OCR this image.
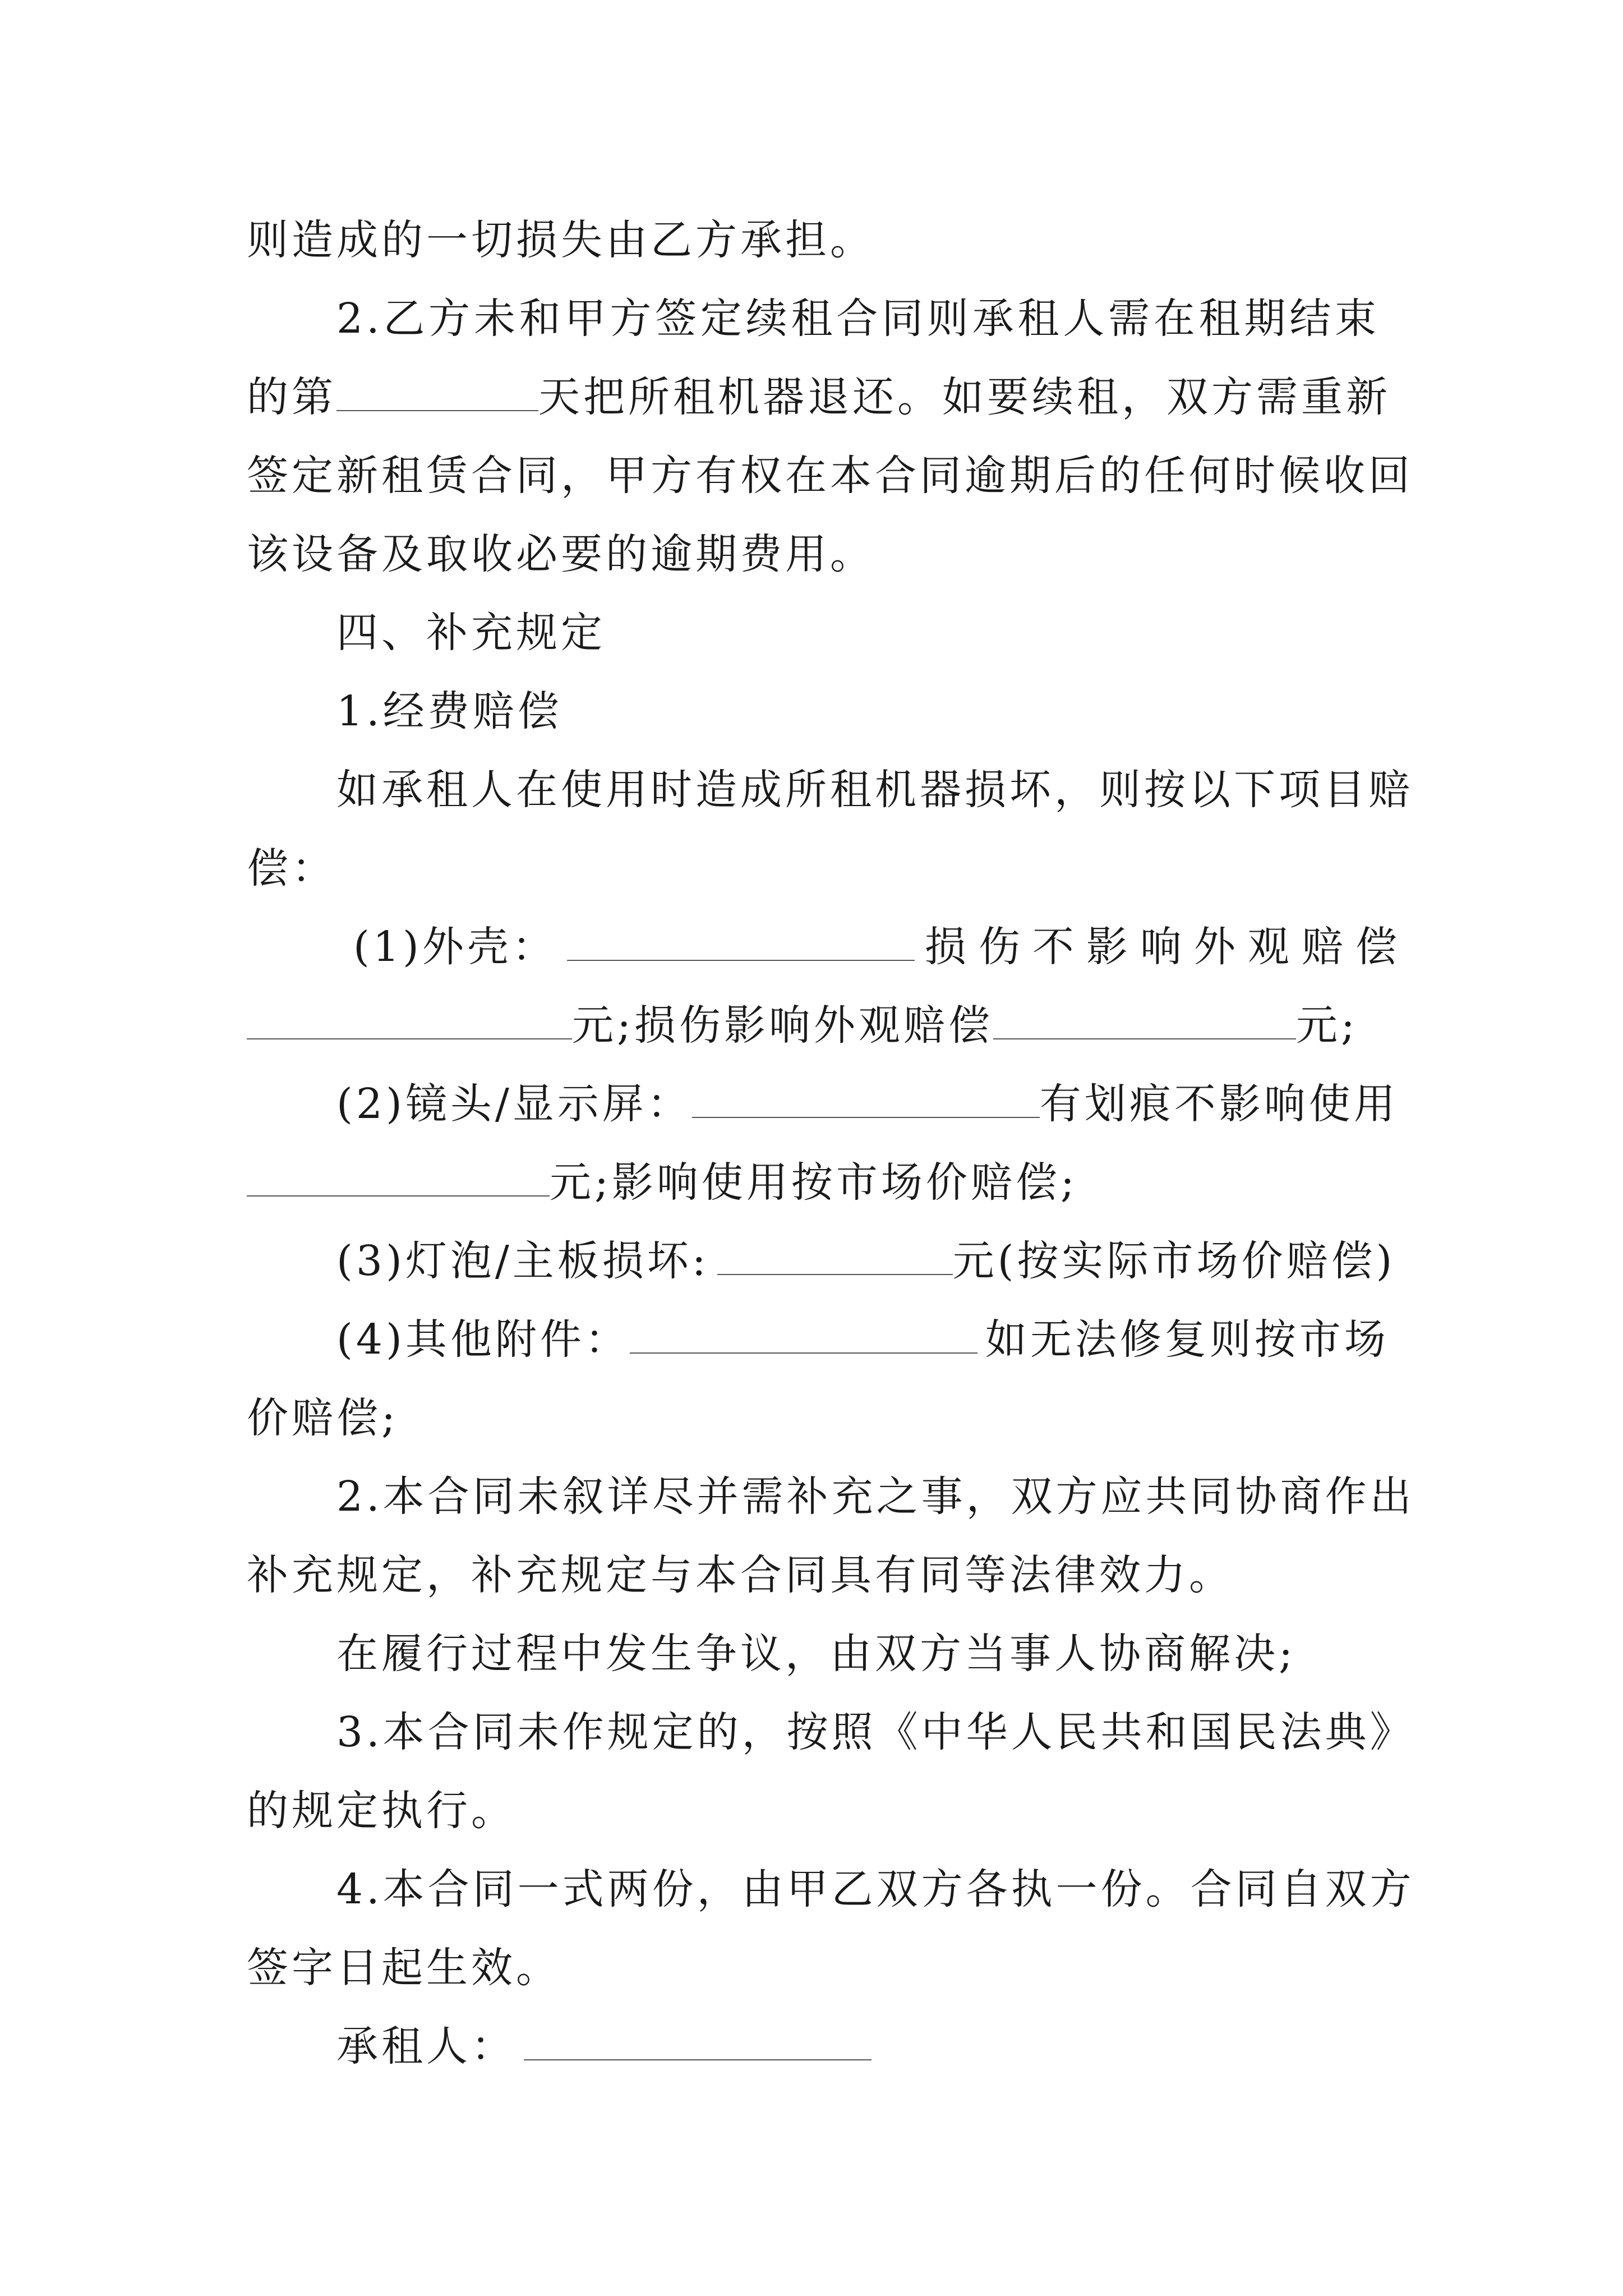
则造成的一切损失由乙方承担。
2.乙方未和甲方签定续租合同则承租人需在租期结束
的第	天把所租机器退还。如要续租，双方需重新
签定新租赁合同，甲方有权在本合同逾期后的任何时候收回
该设备及取收必要的逾期费用。
四、补充规定
1.经费赔偿
如承租人在使用时造成所租机器损坏，则按以下项目赔
偿：
(1)外壳：	损伤不影响外观赔偿
元;损伤影响外观赔偿	元;
(2)镜头/显示屏：	有划痕不影响使用
元;影响使用按市场价赔偿;
(3)灯泡/主板损坏:	元(按实际市场价赔偿)
(4)其他附件：	如无法修复则按市场
价赔偿;
2.本合同未叙详尽并需补充之事，双方应共同协商作出
补充规定，补充规定与本合同具有同等法律效力。
在履行过程中发生争议，由双方当事人协商解决;
3.本合同未作规定的，按照《中华人民共和国民法典》
的规定执行。
4.本合同一式两份，由甲乙双方各执一份。合同自双方
签字日起生效。
承租人：
